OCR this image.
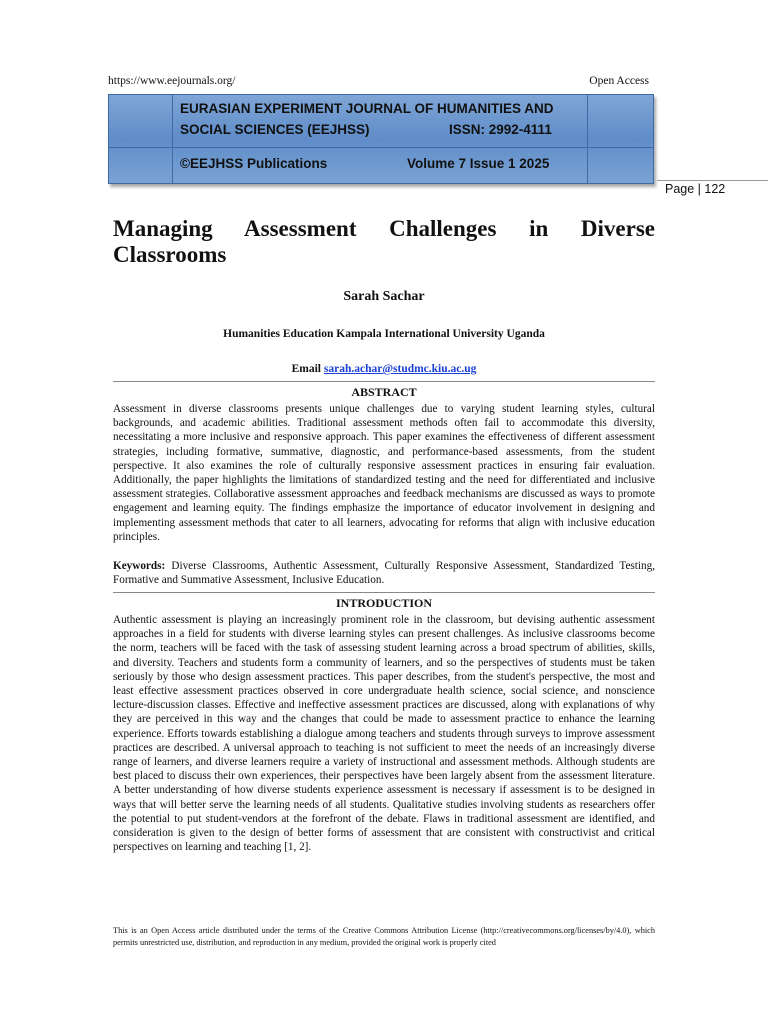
https://www.eejournals.org/	Open Access
EURASIAN EXPERIMENT JOURNAL OF HUMANITIES AND
SOCIAL SCIENCES (EEJHSS)	ISSN: 2992-4111
©EEJHSS Publications	Volume 7 Issue 1 2025
Page | 122
Managing Assessment Challenges in Diverse
Classrooms
Sarah Sachar
Humanities Education Kampala International University Uganda
Email sarah.achar@studmc.kiu.ac.ug
ABSTRACT
Assessment in diverse classrooms presents unique challenges due to varying student learning styles, cultural backgrounds, and academic abilities. Traditional assessment methods often fail to accommodate this diversity, necessitating a more inclusive and responsive approach. This paper examines the effectiveness of different assessment strategies, including formative, summative, diagnostic, and performance-based assessments, from the student perspective. It also examines the role of culturally responsive assessment practices in ensuring fair evaluation. Additionally, the paper highlights the limitations of standardized testing and the need for differentiated and inclusive assessment strategies. Collaborative assessment approaches and feedback mechanisms are discussed as ways to promote engagement and learning equity. The findings emphasize the importance of educator involvement in designing and implementing assessment methods that cater to all learners, advocating for reforms that align with inclusive education principles.
Keywords: Diverse Classrooms, Authentic Assessment, Culturally Responsive Assessment, Standardized Testing, Formative and Summative Assessment, Inclusive Education.
INTRODUCTION
Authentic assessment is playing an increasingly prominent role in the classroom, but devising authentic assessment approaches in a field for students with diverse learning styles can present challenges. As inclusive classrooms become the norm, teachers will be faced with the task of assessing student learning across a broad spectrum of abilities, skills, and diversity. Teachers and students form a community of learners, and so the perspectives of students must be taken seriously by those who design assessment practices. This paper describes, from the student's perspective, the most and least effective assessment practices observed in core undergraduate health science, social science, and nonscience lecture-discussion classes. Effective and ineffective assessment practices are discussed, along with explanations of why they are perceived in this way and the changes that could be made to assessment practice to enhance the learning experience. Efforts towards establishing a dialogue among teachers and students through surveys to improve assessment practices are described. A universal approach to teaching is not sufficient to meet the needs of an increasingly diverse range of learners, and diverse learners require a variety of instructional and assessment methods. Although students are best placed to discuss their own experiences, their perspectives have been largely absent from the assessment literature. A better understanding of how diverse students experience assessment is necessary if assessment is to be designed in ways that will better serve the learning needs of all students. Qualitative studies involving students as researchers offer the potential to put student-vendors at the forefront of the debate. Flaws in traditional assessment are identified, and consideration is given to the design of better forms of assessment that are consistent with constructivist and critical perspectives on learning and teaching [1, 2].
This is an Open Access article distributed under the terms of the Creative Commons Attribution License (http://creativecommons.org/licenses/by/4.0), which permits unrestricted use, distribution, and reproduction in any medium, provided the original work is properly cited
